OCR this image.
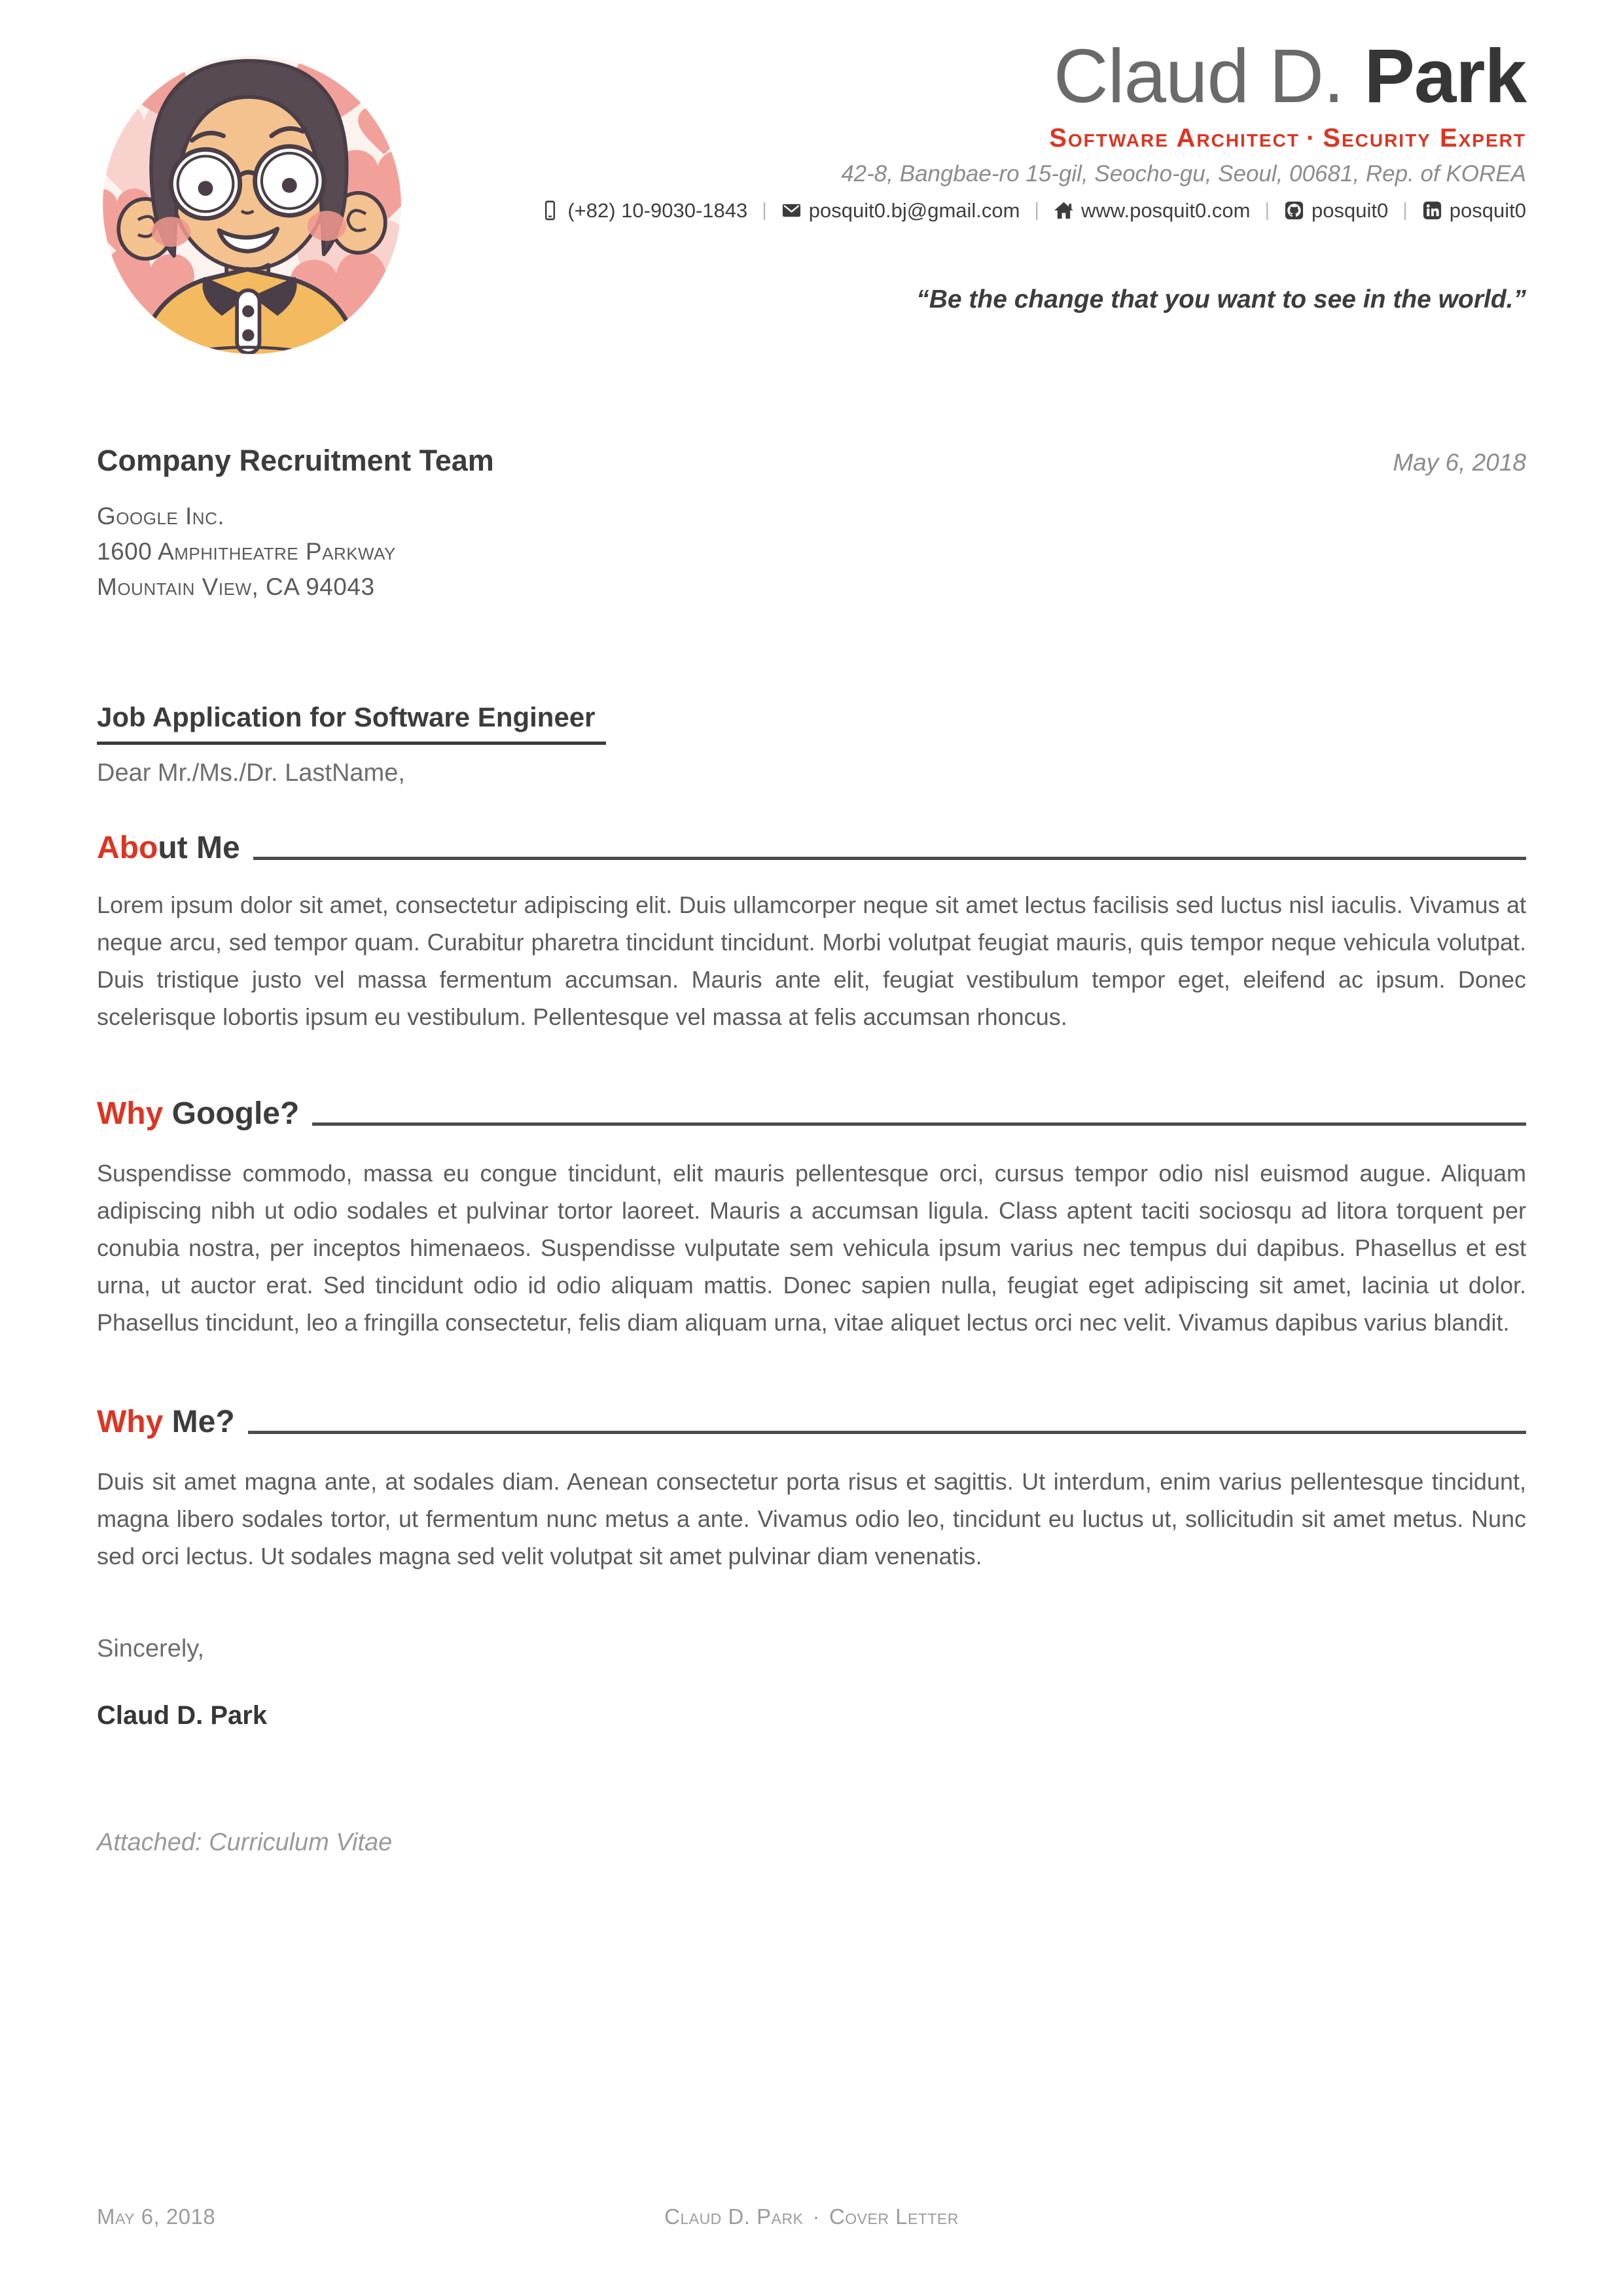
Claud D. Park
Software Architect · Security Expert
42-8, Bangbae-ro 15-gil, Seocho-gu, Seoul, 00681, Rep. of KOREA
(+82) 10-9030-1843 | posquit0.bj@gmail.com | www.posquit0.com | posquit0 | posquit0
“Be the change that you want to see in the world.”
Company Recruitment Team	May 6, 2018
Google Inc.
1600 Amphitheatre Parkway
Mountain View, CA 94043
Job Application for Software Engineer
Dear Mr./Ms./Dr. LastName,
About Me

Lorem ipsum dolor sit amet, consectetur adipiscing elit. Duis ullamcorper neque sit amet lectus facilisis sed luctus nisl iaculis. Vivamus at neque arcu, sed tempor quam. Curabitur pharetra tincidunt tincidunt. Morbi volutpat feugiat mauris, quis tempor neque vehicula volutpat. Duis tristique justo vel massa fermentum accumsan. Mauris ante elit, feugiat vestibulum tempor eget, eleifend ac ipsum. Donec scelerisque lobortis ipsum eu vestibulum. Pellentesque vel massa at felis accumsan rhoncus.

Why Google?

Suspendisse commodo, massa eu congue tincidunt, elit mauris pellentesque orci, cursus tempor odio nisl euismod augue. Aliquam adipiscing nibh ut odio sodales et pulvinar tortor laoreet. Mauris a accumsan ligula. Class aptent taciti sociosqu ad litora torquent per conubia nostra, per inceptos himenaeos. Suspendisse vulputate sem vehicula ipsum varius nec tempus dui dapibus. Phasellus et est urna, ut auctor erat. Sed tincidunt odio id odio aliquam mattis. Donec sapien nulla, feugiat eget adipiscing sit amet, lacinia ut dolor. Phasellus tincidunt, leo a fringilla consectetur, felis diam aliquam urna, vitae aliquet lectus orci nec velit. Vivamus dapibus varius blandit.

Why Me?

Duis sit amet magna ante, at sodales diam. Aenean consectetur porta risus et sagittis. Ut interdum, enim varius pellentesque tincidunt, magna libero sodales tortor, ut fermentum nunc metus a ante. Vivamus odio leo, tincidunt eu luctus ut, sollicitudin sit amet metus. Nunc sed orci lectus. Ut sodales magna sed velit volutpat sit amet pulvinar diam venenatis.

Sincerely,
Claud D. Park
Attached: Curriculum Vitae
May 6, 2018	Claud D. Park · Cover Letter
